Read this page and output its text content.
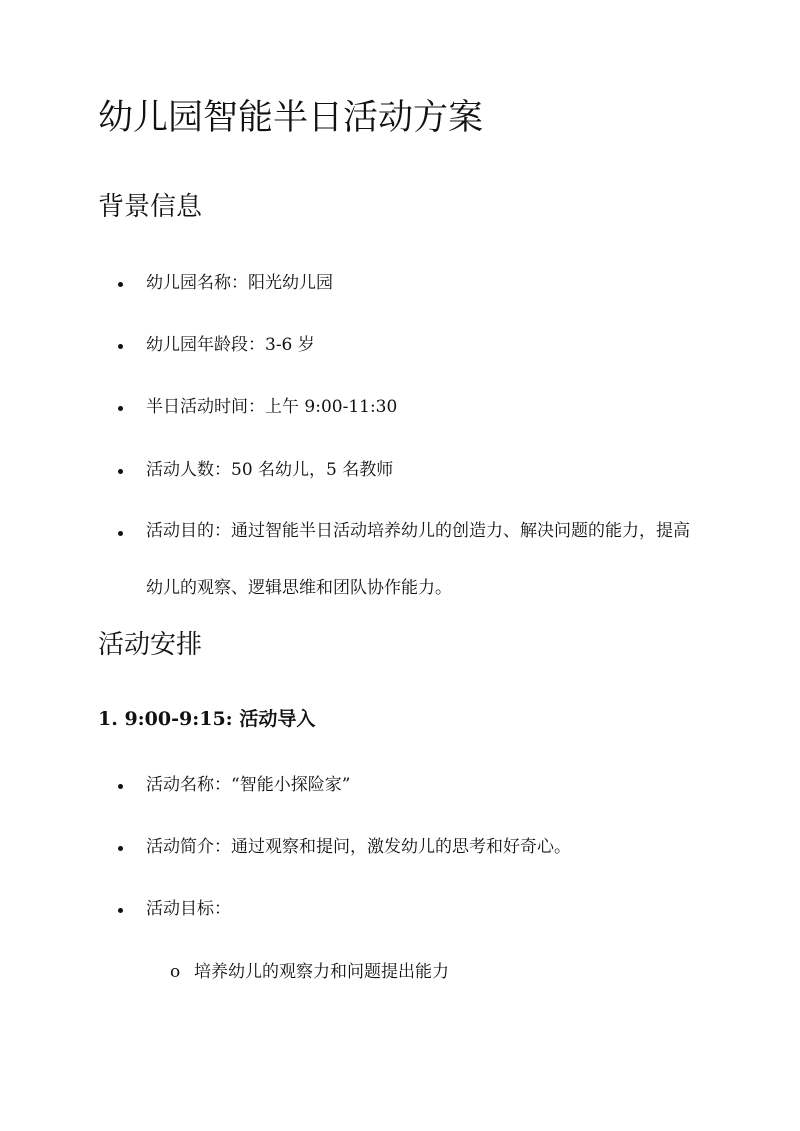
幼儿园智能半日活动方案
背景信息
幼儿园名称：阳光幼儿园
幼儿园年龄段：3-6 岁
半日活动时间：上午 9:00-11:30
活动人数：50 名幼儿，5 名教师
活动目的：通过智能半日活动培养幼儿的创造力、解决问题的能力，提高幼儿的观察、逻辑思维和团队协作能力。
活动安排
1. 9:00-9:15: 活动导入
活动名称：“智能小探险家”
活动简介：通过观察和提问，激发幼儿的思考和好奇心。
活动目标：
o 培养幼儿的观察力和问题提出能力
